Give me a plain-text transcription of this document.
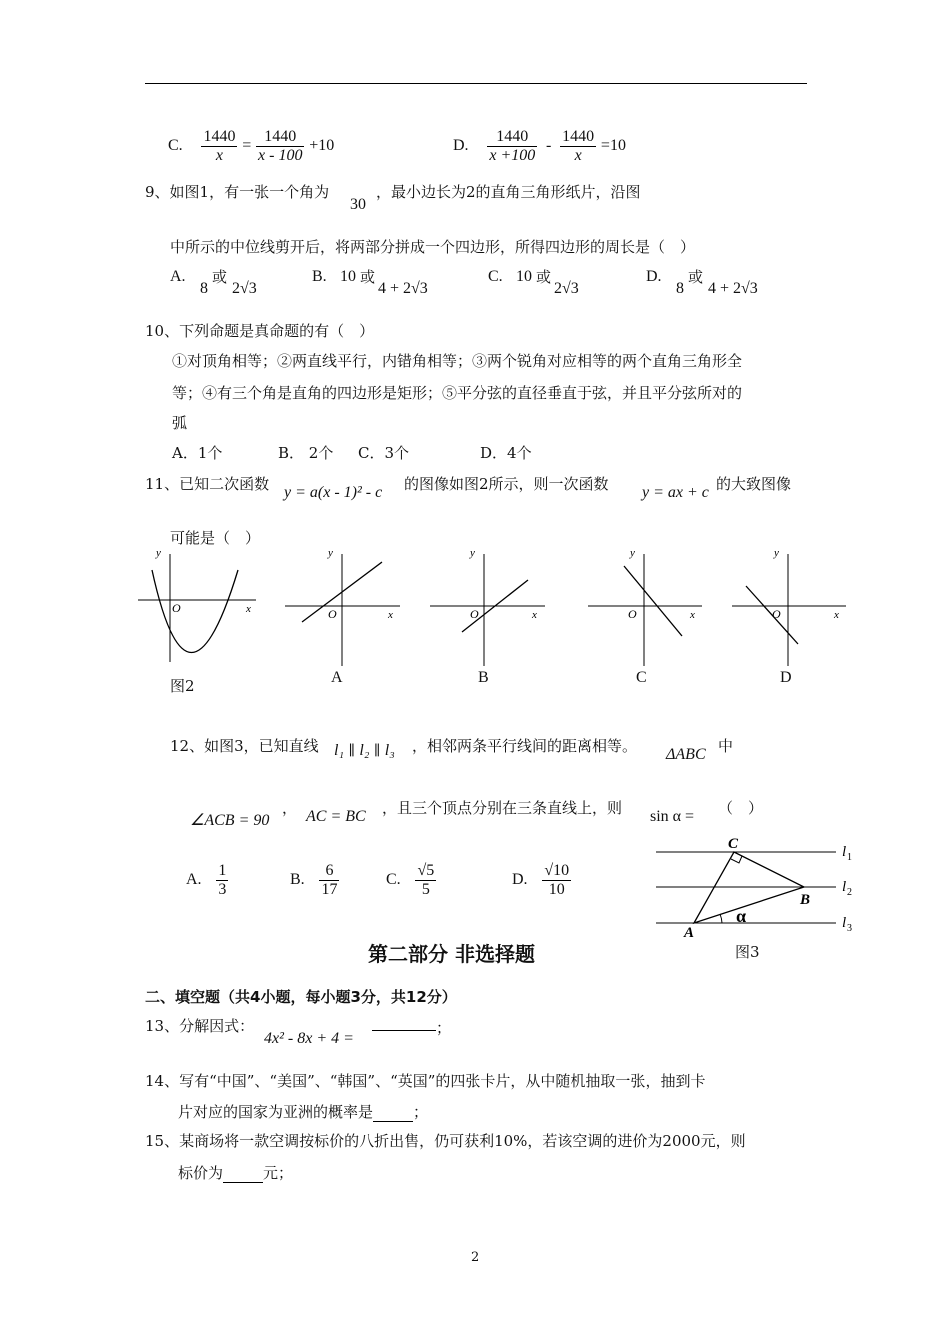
C. $\frac{1440}{x} = \frac{1440}{x - 100} +10$	D. $\frac{1440}{x +100} - \frac{1440}{x} =10$
9、如图1，有一张一个角为
30
，最小边长为2的直角三角形纸片，沿图
中所示的中位线剪开后，将两部分拼成一个四边形，所得四边形的周长是（　）
A.
8
或
2√3
B. 10 或
4 + 2√3
C. 10 或
2√3
D.
8
或
4 + 2√3
10、下列命题是真命题的有（　）
①对顶角相等；②两直线平行，内错角相等；③两个锐角对应相等的两个直角三角形全
等；④有三个角是直角的四边形是矩形；⑤平分弦的直径垂直于弦，并且平分弦所对的
弧
A．1个	B． 2个 C．3个	D．4个
11、已知二次函数 y = a(x - 1)² - c 的图像如图2所示，则一次函数 y = ax + c 的大致图像
可能是（　）
y
x
O
y
x
O
y
x
O
y
x
O
y
x
O
图2	A	B	C	D
12、如图3，已知直线 l₁ ∥ l₂ ∥ l₃ ，相邻两条平行线间的距离相等。 ΔABC 中
∠ACB = 90
， AC = BC ，且三个顶点分别在三条直线上，则 sin α = （　）
A. $\frac{1}{3}$	B. $\frac{6}{17}$	C. $\frac{√5}{5}$	D. $\frac{√10}{10}$
C
B
A
α
l 1
l 2
l 3
图3
第二部分 非选择题
二、填空题（共4小题，每小题3分，共12分）
13、分解因式：
4x² - 8x + 4 =
；
14、写有“中国”、“美国”、“韩国”、“英国”的四张卡片，从中随机抽取一张，抽到卡
片对应的国家为亚洲的概率是	；
15、某商场将一款空调按标价的八折出售，仍可获利10%，若该空调的进价为2000元，则
标价为	元；
2
